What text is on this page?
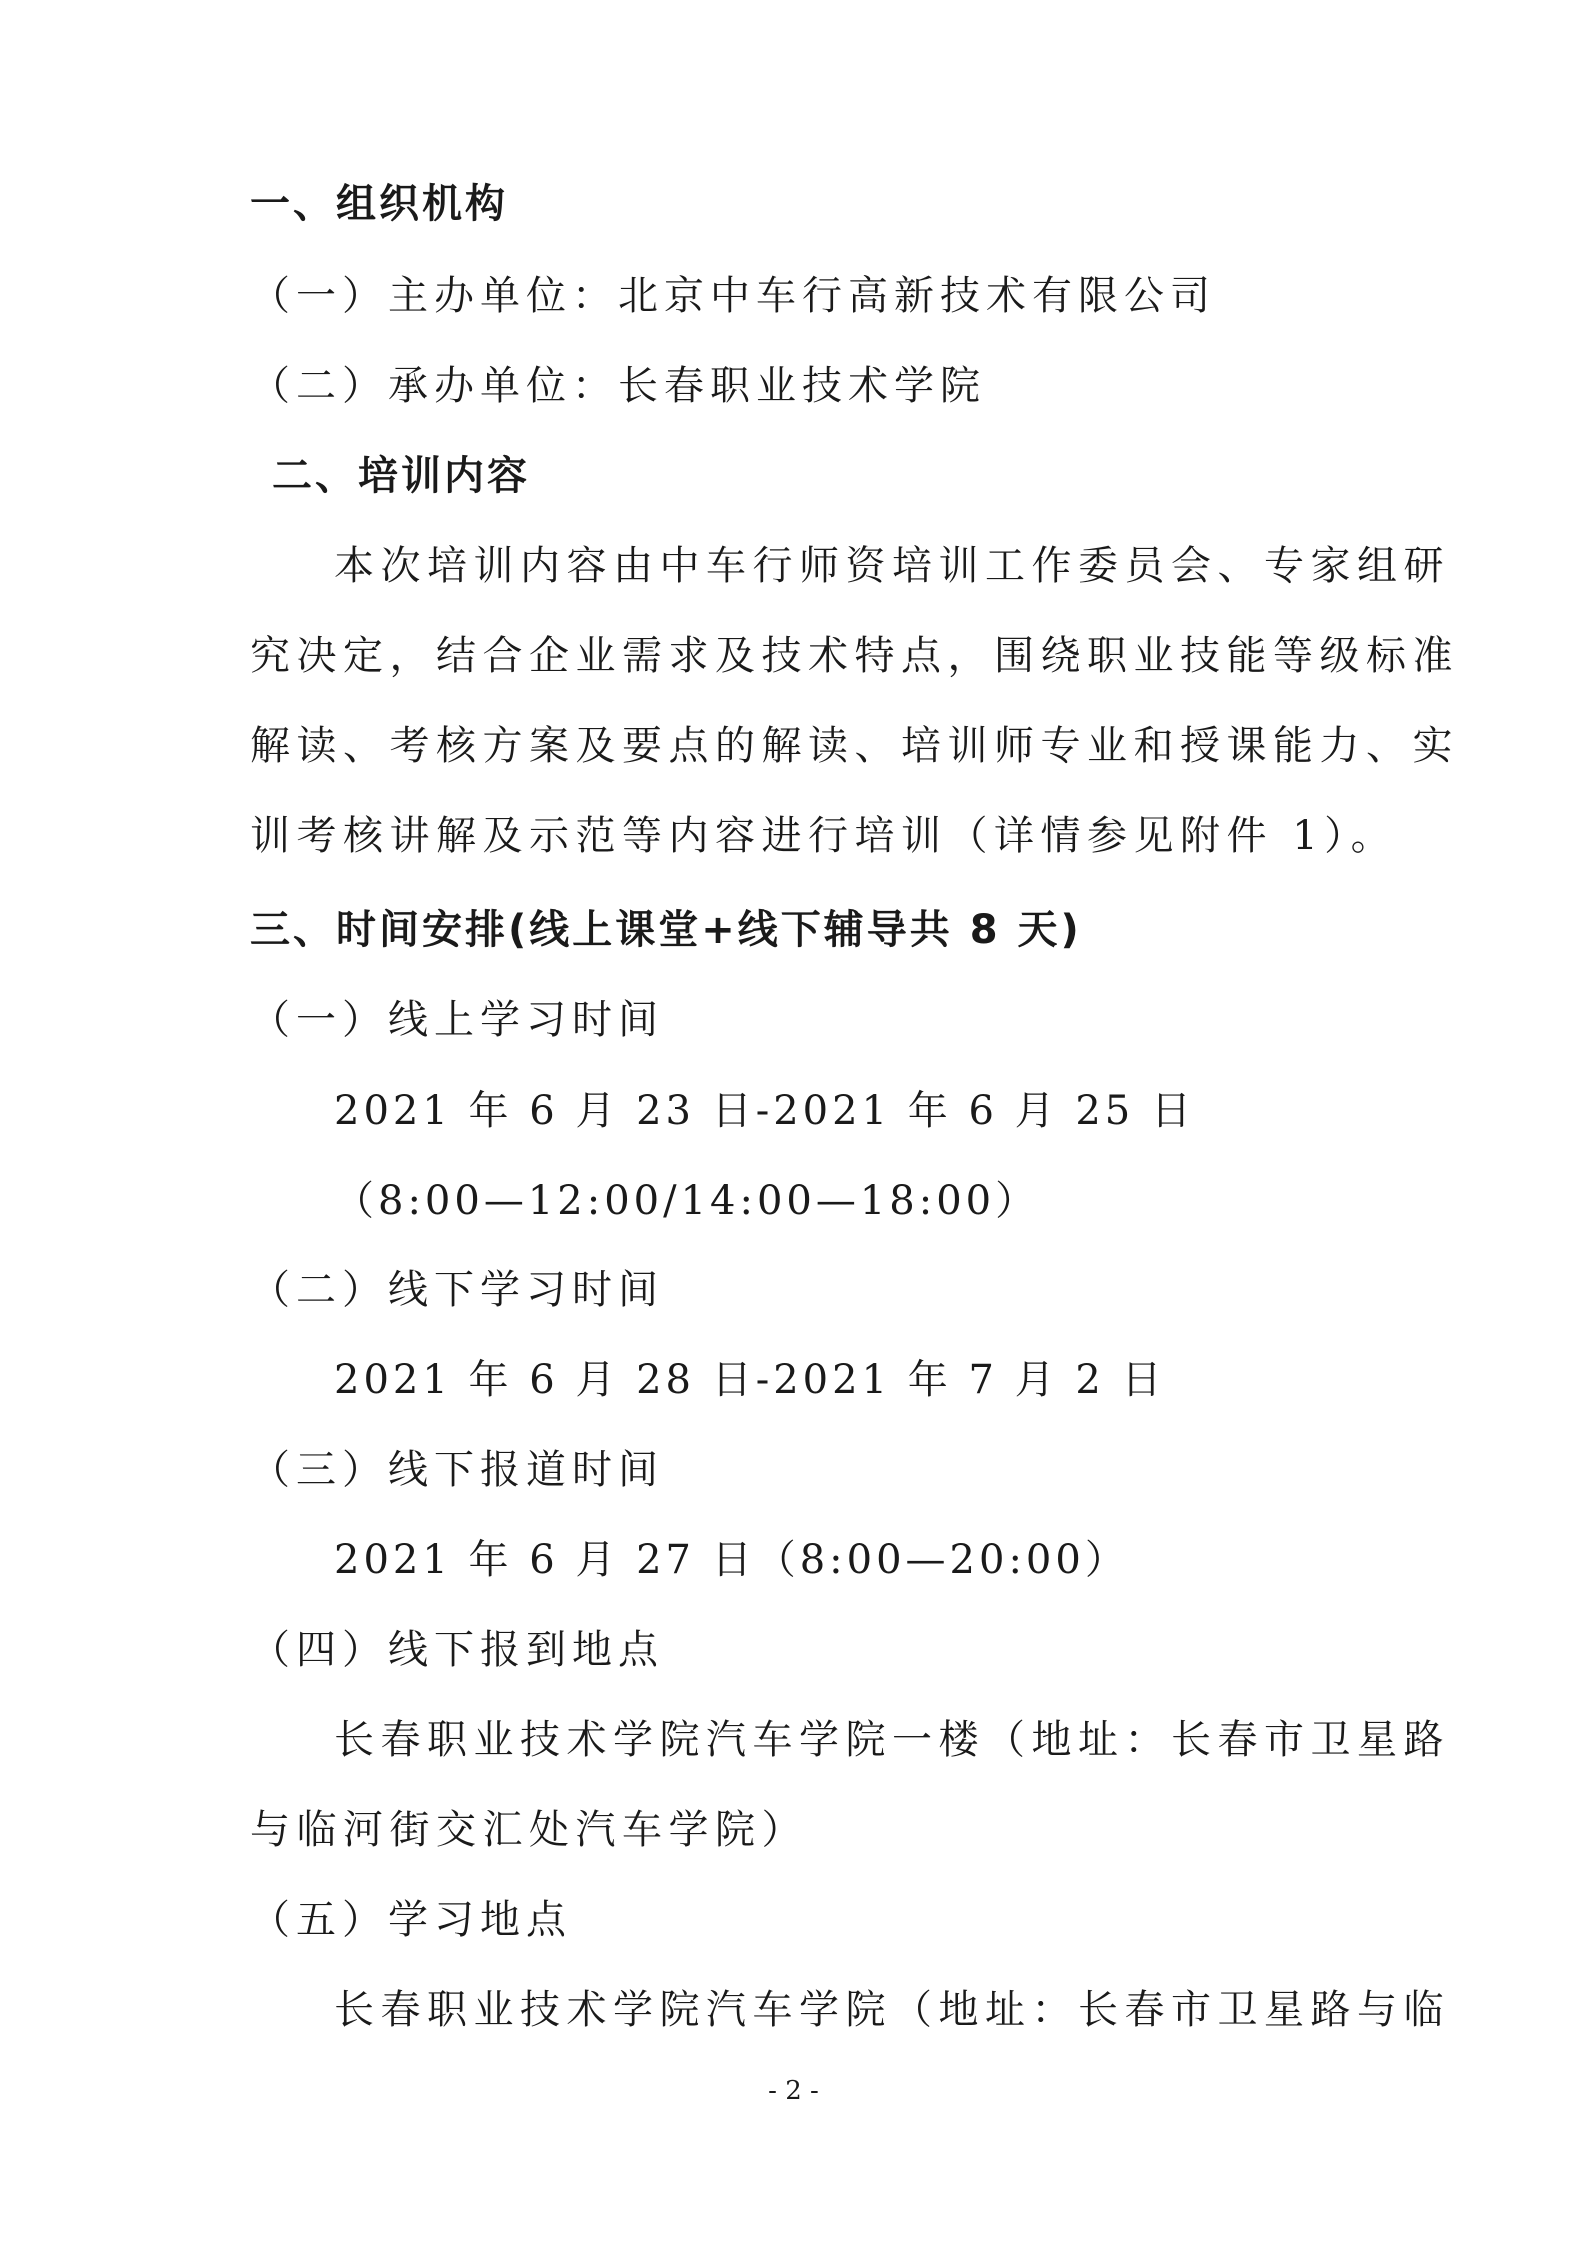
一、组织机构
（一）主办单位：北京中车行高新技术有限公司
（二）承办单位：长春职业技术学院
二、培训内容
本次培训内容由中车行师资培训工作委员会、专家组研
究决定，结合企业需求及技术特点，围绕职业技能等级标准
解读、考核方案及要点的解读、培训师专业和授课能力、实
训考核讲解及示范等内容进行培训（详情参见附件 1）。
三、时间安排(线上课堂+线下辅导共 8 天)
（一）线上学习时间
2021 年 6 月 23 日-2021 年 6 月 25 日
（8:00—12:00/14:00—18:00）
（二）线下学习时间
2021 年 6 月 28 日-2021 年 7 月 2 日
（三）线下报道时间
2021 年 6 月 27 日（8:00—20:00）
（四）线下报到地点
长春职业技术学院汽车学院一楼（地址：长春市卫星路
与临河街交汇处汽车学院）
（五）学习地点
长春职业技术学院汽车学院（地址：长春市卫星路与临
- 2 -
